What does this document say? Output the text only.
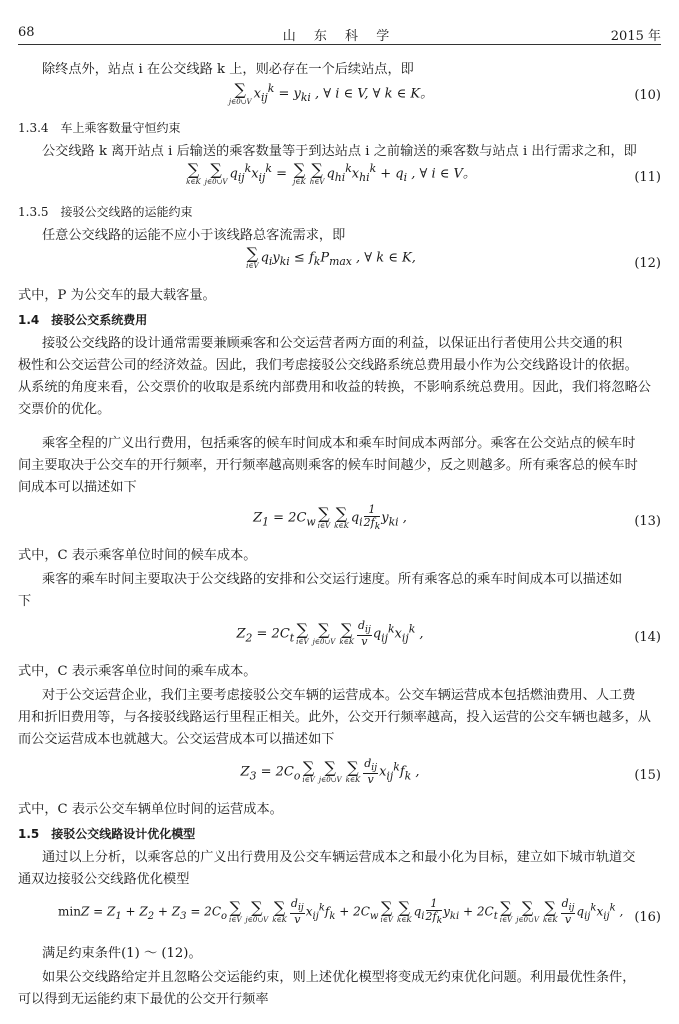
68	山 东 科 学	2015 年
除终点外，站点 i 在公交线路 k 上，则必存在一个后续站点，即
∑
j∈0∪V
$x_{ij}^k = y_{ki}$ , ∀ i ∈ V, ∀ k ∈ K。	(10)
1.3.4　车上乘客数量守恒约束
公交线路 k 离开站点 i 后输送的乘客数量等于到达站点 i 之前输送的乘客数与站点 i 出行需求之和，即
∑
k∈K
∑
j∈0∪V
$q_{ij}^kx_{ij}^k$ = ∑
j∈K
∑
h∈V
$q_{hi}^kx_{hi}^k + q_i$ , ∀ i ∈ V。	(11)
1.3.5　接驳公交线路的运能约束
任意公交线路的运能不应小于该线路总客流需求，即
∑
i∈V
$q_iy_{ki} \le f_kP_{max}$ , ∀ k ∈ K,	(12)
式中，P 为公交车的最大载客量。
1.4　接驳公交系统费用
接驳公交线路的设计通常需要兼顾乘客和公交运营者两方面的利益，以保证出行者使用公共交通的积
极性和公交运营公司的经济效益。因此，我们考虑接驳公交线路系统总费用最小作为公交线路设计的依据。
从系统的角度来看，公交票价的收取是系统内部费用和收益的转换，不影响系统总费用。因此，我们将忽略公
交票价的优化。
乘客全程的广义出行费用，包括乘客的候车时间成本和乘车时间成本两部分。乘客在公交站点的候车时
间主要取决于公交车的开行频率，开行频率越高则乘客的候车时间越少，反之则越多。所有乘客总的候车时
间成本可以描述如下
$Z_1 = 2C_w$ ∑
i∈V
∑
k∈K
$q_i \frac{1}{2f_k} y_{ki}$ ,	(13)
式中，C 表示乘客单位时间的候车成本。
乘客的乘车时间主要取决于公交线路的安排和公交运行速度。所有乘客总的乘车时间成本可以描述如
下
$Z_2 = 2C_t$ ∑
i∈V
∑
j∈0∪V
∑
k∈K $\frac{d_{ij}}{v} q_{ij}^kx_{ij}^k$ ,	(14)
式中，C 表示乘客单位时间的乘车成本。
对于公交运营企业，我们主要考虑接驳公交车辆的运营成本。公交车辆运营成本包括燃油费用、人工费
用和折旧费用等，与各接驳线路运行里程正相关。此外，公交开行频率越高，投入运营的公交车辆也越多，从
而公交运营成本也就越大。公交运营成本可以描述如下
$Z_3 = 2C_o$ ∑
i∈V
∑
j∈0∪V
∑
k∈K $\frac{d_{ij}}{v} x_{ij}^kf_k$ ,	(15)
式中，C 表示公交车辆单位时间的运营成本。
1.5　接驳公交线路设计优化模型
通过以上分析，以乘客总的广义出行费用及公交车辆运营成本之和最小化为目标，建立如下城市轨道交
通双边接驳公交线路优化模型
$\min Z = Z_1 + Z_2 + Z_3 = 2C_o$ ∑
i∈V
∑
j∈0∪V
∑
k∈K $\frac{d_{ij}}{v} x_{ij}^kf_k + 2C_w$ ∑
i∈V
∑
k∈K
$q_i \frac{1}{2f_k} y_{ki} + 2C_t$ ∑
i∈V
∑
j∈0∪V
∑
k∈K $\frac{d_{ij}}{v} q_{ij}^kx_{ij}^k$ , (16)
满足约束条件(1) ～ (12)。
如果公交线路给定并且忽略公交运能约束，则上述优化模型将变成无约束优化问题。利用最优性条件，
可以得到无运能约束下最优的公交开行频率
